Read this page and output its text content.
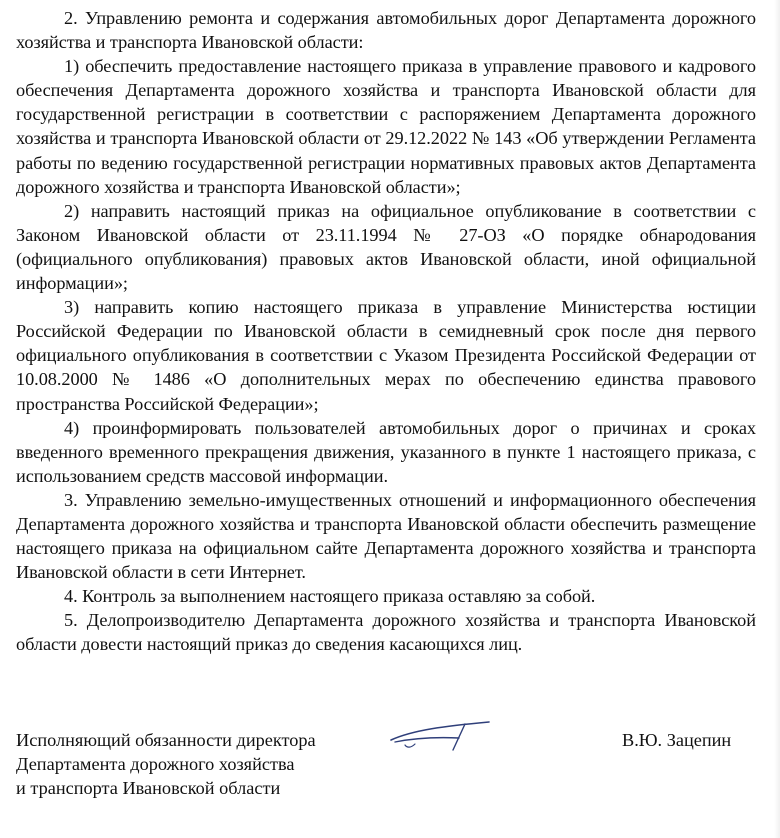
2. Управлению ремонта и содержания автомобильных дорог Департамента дорожного хозяйства и транспорта Ивановской области:

1) обеспечить предоставление настоящего приказа в управление правового и кадрового обеспечения Департамента дорожного хозяйства и транспорта Ивановской области для государственной регистрации в соответствии с распоряжением Департамента дорожного хозяйства и транспорта Ивановской области от 29.12.2022 № 143 «Об утверждении Регламента работы по ведению государственной регистрации нормативных правовых актов Департамента дорожного хозяйства и транспорта Ивановской области»;

2) направить настоящий приказ на официальное опубликование в соответствии с Законом Ивановской области от 23.11.1994 № 27-ОЗ «О порядке обнародования (официального опубликования) правовых актов Ивановской области, иной официальной информации»;

3) направить копию настоящего приказа в управление Министерства юстиции Российской Федерации по Ивановской области в семидневный срок после дня первого официального опубликования в соответствии с Указом Президента Российской Федерации от 10.08.2000 № 1486 «О дополнительных мерах по обеспечению единства правового пространства Российской Федерации»;

4) проинформировать пользователей автомобильных дорог о причинах и сроках введенного временного прекращения движения, указанного в пункте 1 настоящего приказа, с использованием средств массовой информации.

3. Управлению земельно-имущественных отношений и информационного обеспечения Департамента дорожного хозяйства и транспорта Ивановской области обеспечить размещение настоящего приказа на официальном сайте Департамента дорожного хозяйства и транспорта Ивановской области в сети Интернет.

4. Контроль за выполнением настоящего приказа оставляю за собой.

5. Делопроизводителю Департамента дорожного хозяйства и транспорта Ивановской области довести настоящий приказ до сведения касающихся лиц.

Исполняющий обязанности директора
Департамента дорожного хозяйства
и транспорта Ивановской области
В.Ю. Зацепин
